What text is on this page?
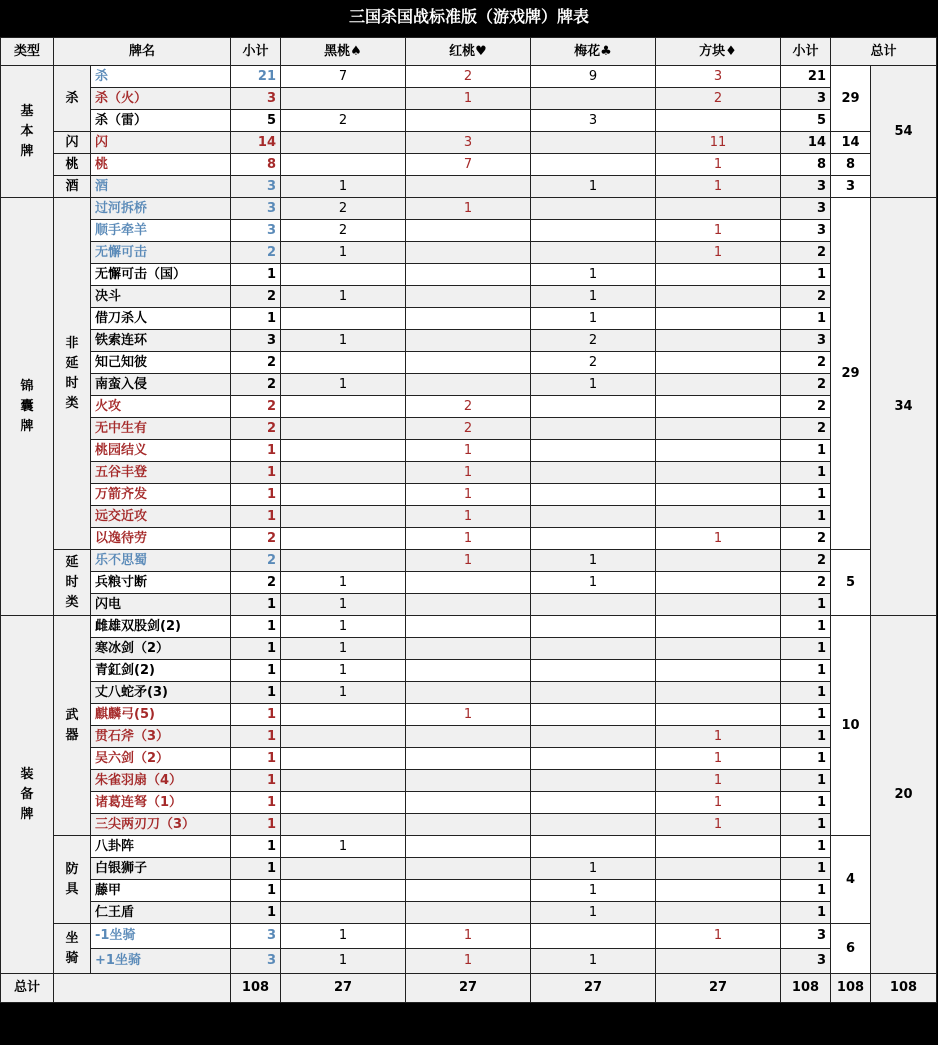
三国杀国战标准版（游戏牌）牌表
类型	牌名		小计	黑桃♠	红桃♥	梅花♣	方块♦	小计	总计	
基本牌	杀	杀	21	7	2	9	3	21	29	54
		杀（火）	3		1		2	3		
		杀（雷）	5	2		3		5		
	闪	闪	14		3		11	14	14	
	桃	桃	8		7		1	8	8	
	酒	酒	3	1		1	1	3	3	
锦囊牌	非延时类	过河拆桥	3	2	1			3	29	34
		顺手牵羊	3	2			1	3		
		无懈可击	2	1			1	2		
		无懈可击（国）	1			1		1		
		决斗	2	1		1		2		
		借刀杀人	1			1		1		
		铁索连环	3	1		2		3		
		知己知彼	2			2		2		
		南蛮入侵	2	1		1		2		
		火攻	2		2			2		
		无中生有	2		2			2		
		桃园结义	1		1			1		
		五谷丰登	1		1			1		
		万箭齐发	1		1			1		
		远交近攻	1		1			1		
		以逸待劳	2		1		1	2		
	延时类	乐不思蜀	2		1	1		2	5	
		兵粮寸断	2	1		1		2		
		闪电	1	1				1		
装备牌	武器	雌雄双股剑(2)	1	1				1	10	20
		寒冰剑（2）	1	1				1		
		青釭剑(2)	1	1				1		
		丈八蛇矛(3)	1	1				1		
		麒麟弓(5)	1		1			1		
		贯石斧（3）	1				1	1		
		吴六剑（2）	1				1	1		
		朱雀羽扇（4）	1				1	1		
		诸葛连弩（1）	1				1	1		
		三尖两刃刀（3）	1				1	1		
	防具	八卦阵	1	1				1	4	
		白银狮子	1			1		1		
		藤甲	1			1		1		
		仁王盾	1			1		1		
	坐骑	-1坐骑	3	1	1		1	3	6	
		+1坐骑	3	1	1	1		3		
总计			108	27	27	27	27	108	108	108
